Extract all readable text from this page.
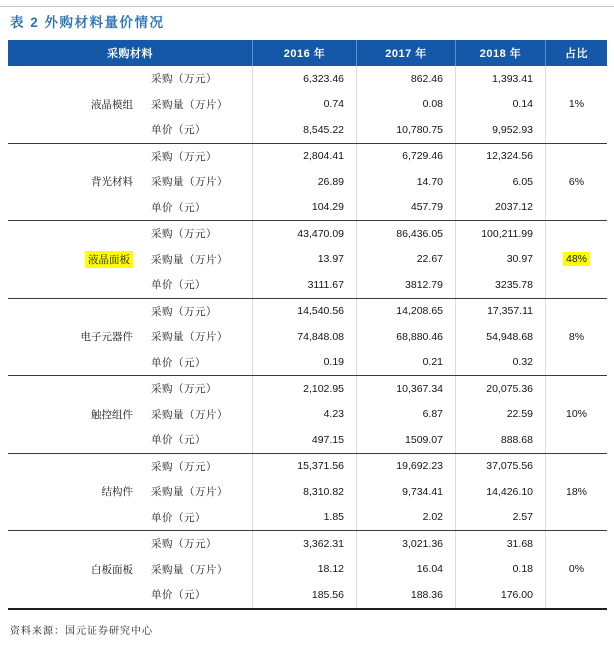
表 2 外购材料量价情况
采购材料	2016 年	2017 年	2018 年	占比
液晶模组
采购（万元）	6,323.46	862.46	1,393.41
采购量（万片）	0.74	0.08	0.14
单价（元）	8,545.22	10,780.75	9,952.93
1%
背光材料
采购（万元）	2,804.41	6,729.46	12,324.56
采购量（万片）	26.89	14.70	6.05
单价（元）	104.29	457.79	2037.12
6%
液晶面板
采购（万元）	43,470.09	86,436.05	100,211.99
采购量（万片）	13.97	22.67	30.97
单价（元）	3111.67	3812.79	3235.78
48%
电子元器件
采购（万元）	14,540.56	14,208.65	17,357.11
采购量（万片）	74,848.08	68,880.46	54,948.68
单价（元）	0.19	0.21	0.32
8%
触控组件
采购（万元）	2,102.95	10,367.34	20,075.36
采购量（万片）	4.23	6.87	22.59
单价（元）	497.15	1509.07	888.68
10%
结构件
采购（万元）	15,371.56	19,692.23	37,075.56
采购量（万片）	8,310.82	9,734.41	14,426.10
单价（元）	1.85	2.02	2.57
18%
白板面板
采购（万元）	3,362.31	3,021.36	31.68
采购量（万片）	18.12	16.04	0.18
单价（元）	185.56	188.36	176.00
0%
资料来源：国元证券研究中心
